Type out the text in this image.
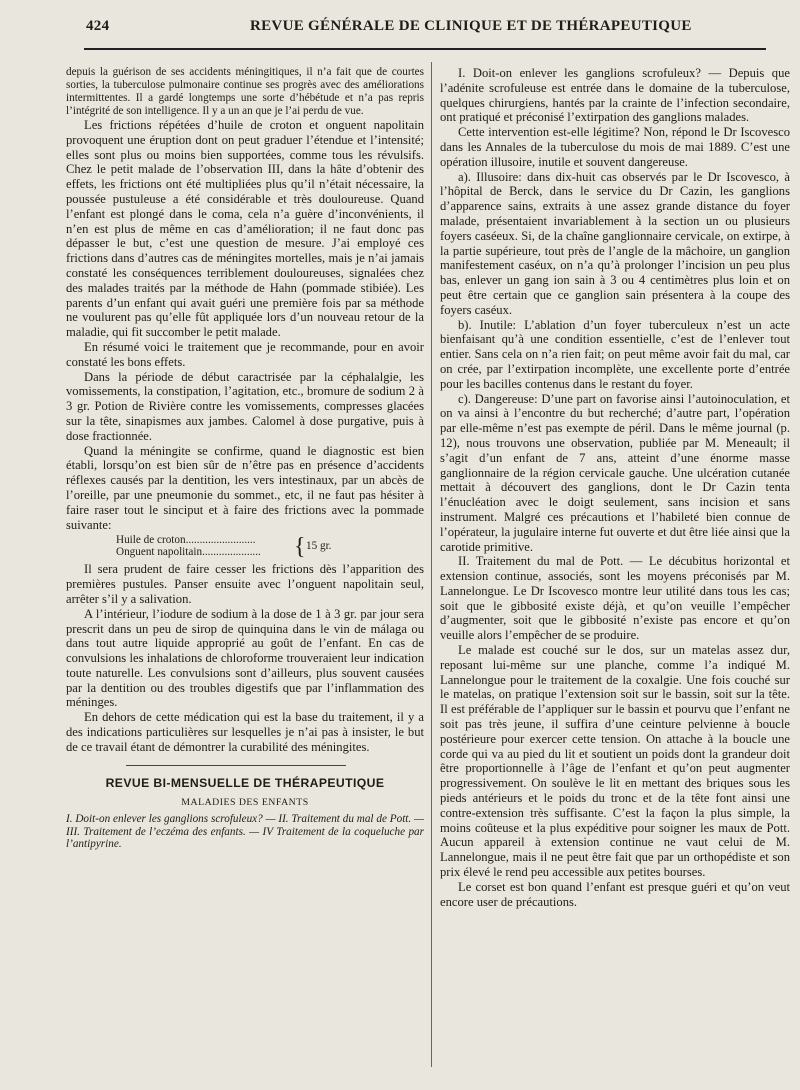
424	REVUE GÉNÉRALE DE CLINIQUE ET DE THÉRAPEUTIQUE

depuis la guérison de ses accidents méningitiques, il n’a fait que de courtes sorties, la tuberculose pulmonaire continue ses progrès avec des améliorations intermittentes. Il a gardé longtemps une sorte d’hébétude et n’a pas repris l’intégrité de son intelligence. Il y a un an que je l’ai perdu de vue.

Les frictions répétées d’huile de croton et onguent napolitain provoquent une éruption dont on peut graduer l’étendue et l’intensité; elles sont plus ou moins bien supportées, comme tous les révulsifs. Chez le petit malade de l’observation III, dans la hâte d’obtenir des effets, les frictions ont été multipliées plus qu’il n’était nécessaire, la poussée pustuleuse a été considérable et très douloureuse. Quand l’enfant est plongé dans le coma, cela n’a guère d’inconvénients, il n’en est plus de même en cas d’amélioration; il ne faut donc pas dépasser le but, c’est une question de mesure. J’ai employé ces frictions dans d’autres cas de méningites mortelles, mais je n’ai jamais constaté les conséquences terriblement douloureuses, signalées chez des malades traités par la méthode de Hahn (pommade stibiée). Les parents d’un enfant qui avait guéri une première fois par sa méthode ne voulurent pas qu’elle fût appliquée lors d’un nouveau retour de la maladie, qui fit succomber le petit malade.

En résumé voici le traitement que je recommande, pour en avoir constaté les bons effets.

Dans la période de début caractrisée par la céphalalgie, les vomissements, la constipation, l’agitation, etc., bromure de sodium 2 à 3 gr. Potion de Rivière contre les vomissements, compresses glacées sur la tête, sinapismes aux jambes. Calomel à dose purgative, puis à dose fractionnée.

Quand la méningite se confirme, quand le diagnostic est bien établi, lorsqu’on est bien sûr de n’être pas en présence d’accidents réflexes causés par la dentition, les vers intestinaux, par un abcès de l’oreille, par une pneumonie du sommet., etc, il ne faut pas hésiter à faire raser tout le sinciput et à faire des frictions avec la pommade suivante:

Huile de croton.........................
Onguent napolitain..................... { 15 gr.

Il sera prudent de faire cesser les frictions dès l’apparition des premières pustules. Panser ensuite avec l’onguent napolitain seul, arrêter s’il y a salivation.

A l’intérieur, l’iodure de sodium à la dose de 1 à 3 gr. par jour sera prescrit dans un peu de sirop de quinquina dans le vin de málaga ou dans tout autre liquide approprié au goût de l’enfant. En cas de convulsions les inhalations de chloroforme trouveraient leur indication toute naturelle. Les convulsions sont d’ailleurs, plus souvent causées par la dentition ou des troubles digestifs que par l’inflammation des méninges.

En dehors de cette médication qui est la base du traitement, il y a des indications particulières sur lesquelles je n’ai pas à insister, le but de ce travail étant de démontrer la curabilité des méningites.

REVUE BI-MENSUELLE DE THÉRAPEUTIQUE
MALADIES DES ENFANTS

I. Doit-on enlever les ganglions scrofuleux? — II. Traitement du mal de Pott. — III. Traitement de l’eczéma des enfants. — IV Traitement de la coqueluche par l’antipyrine.

I. Doit-on enlever les ganglions scrofuleux? — Depuis que l’adénite scrofuleuse est entrée dans le domaine de la tuberculose, quelques chirurgiens, hantés par la crainte de l’infection secondaire, ont pratiqué et préconisé l’extirpation des ganglions malades.

Cette intervention est-elle légitime? Non, répond le Dr Iscovesco dans les Annales de la tuberculose du mois de mai 1889. C’est une opération illusoire, inutile et souvent dangereuse.

a). Illusoire: dans dix-huit cas observés par le Dr Iscovesco, à l’hôpital de Berck, dans le service du Dr Cazin, les ganglions d’apparence sains, extraits à une assez grande distance du foyer malade, présentaient invariablement à la section un ou plusieurs foyers caséeux. Si, de la chaîne ganglionnaire cervicale, on extirpe, à la partie supérieure, tout près de l’angle de la mâchoire, un ganglion manifestement caséux, on n’a qu’à prolonger l’incision un peu plus bas, enlever un gang ion sain à 3 ou 4 centimètres plus loin et on peut être certain que ce ganglion sain présentera à la coupe des foyers caséux.

b). Inutile: L’ablation d’un foyer tuberculeux n’est un acte bienfaisant qu’à une condition essentielle, c’est de l’enlever tout entier. Sans cela on n’a rien fait; on peut même avoir fait du mal, car on crée, par l’extirpation incomplète, une excellente porte d’entrée pour les bacilles contenus dans le restant du foyer.

c). Dangereuse: D’une part on favorise ainsi l’autoinoculation, et on va ainsi à l’encontre du but recherché; d’autre part, l’opération par elle-même n’est pas exempte de péril. Dans le même journal (p. 12), nous trouvons une observation, publiée par M. Meneault; il s’agit d’un enfant de 7 ans, atteint d’une énorme masse ganglionnaire de la région cervicale gauche. Une ulcération cutanée mettait à découvert des ganglions, dont le Dr Cazin tenta l’énucléation avec le doigt seulement, sans incision et sans instrument. Malgré ces précautions et l’habileté bien connue de l’opérateur, la jugulaire interne fut ouverte et dut être liée ainsi que la carotide primitive.

II. Traitement du mal de Pott. — Le décubitus horizontal et extension continue, associés, sont les moyens préconisés par M. Lannelongue. Le Dr Iscovesco montre leur utilité dans tous les cas; soit que le gibbosité existe déjà, et qu’on veuille l’empêcher d’augmenter, soit que le gibbosité n’existe pas encore et qu’on veuille alors l’empêcher de se produire.

Le malade est couché sur le dos, sur un matelas assez dur, reposant lui-même sur une planche, comme l’a indiqué M. Lannelongue pour le traitement de la coxalgie. Une fois couché sur le matelas, on pratique l’extension soit sur le bassin, soit sur la tête. Il est préférable de l’appliquer sur le bassin et pourvu que l’enfant ne soit pas très jeune, il suffira d’une ceinture pelvienne à boucle postérieure pour exercer cette tension. On attache à la boucle une corde qui va au pied du lit et soutient un poids dont la grandeur doit être proportionnelle à l’âge de l’enfant et qu’on peut augmenter progressivement. On soulève le lit en mettant des briques sous les pieds antérieurs et le poids du tronc et de la tête font ainsi une contre-extension très suffisante. C’est la façon la plus simple, la moins coûteuse et la plus expéditive pour soigner les maux de Pott. Aucun appareil à extension continue ne vaut celui de M. Lannelongue, mais il ne peut être fait que par un orthopédiste et son prix élevé le rend peu accessible aux petites bourses.

Le corset est bon quand l’enfant est presque guéri et qu’on veut encore user de précautions.
